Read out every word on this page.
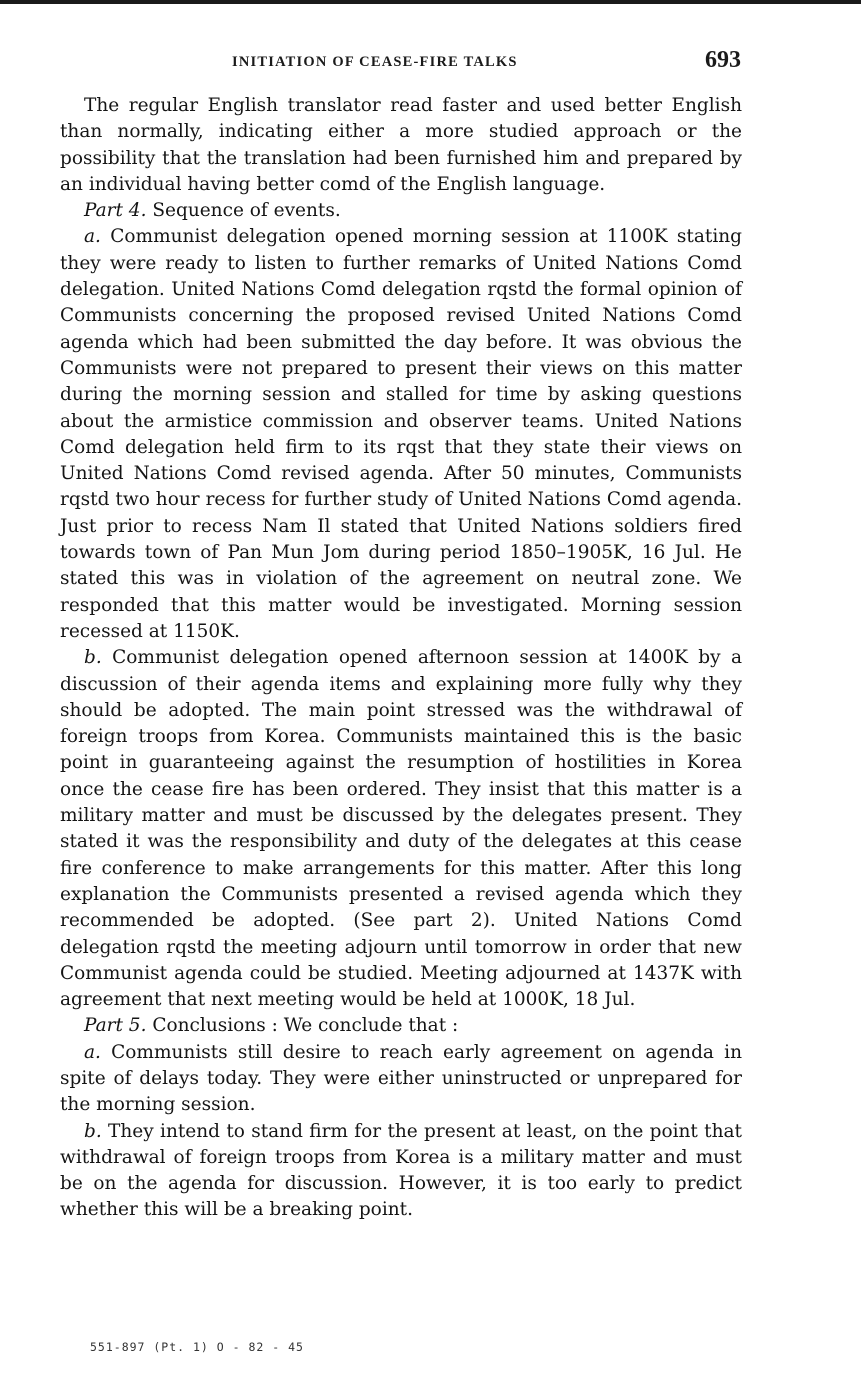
INITIATION OF CEASE-FIRE TALKS	693

The regular English translator read faster and used better English than normally, indicating either a more studied approach or the possibility that the translation had been furnished him and prepared by an individual having better comd of the English language.

Part 4. Sequence of events.

a. Communist delegation opened morning session at 1100K stating they were ready to listen to further remarks of United Nations Comd delegation. United Nations Comd delegation rqstd the formal opinion of Communists concerning the proposed revised United Nations Comd agenda which had been submitted the day before. It was obvious the Communists were not prepared to present their views on this matter during the morning session and stalled for time by asking questions about the armistice commission and observer teams. United Nations Comd delegation held firm to its rqst that they state their views on United Nations Comd revised agenda. After 50 minutes, Communists rqstd two hour recess for further study of United Nations Comd agenda. Just prior to recess Nam Il stated that United Nations soldiers fired towards town of Pan Mun Jom during period 1850–1905K, 16 Jul. He stated this was in violation of the agreement on neutral zone. We responded that this matter would be investigated. Morning session recessed at 1150K.

b. Communist delegation opened afternoon session at 1400K by a discussion of their agenda items and explaining more fully why they should be adopted. The main point stressed was the withdrawal of foreign troops from Korea. Communists maintained this is the basic point in guaranteeing against the resumption of hostilities in Korea once the cease fire has been ordered. They insist that this matter is a military matter and must be discussed by the delegates present. They stated it was the responsibility and duty of the delegates at this cease fire conference to make arrangements for this matter. After this long explanation the Communists presented a revised agenda which they recommended be adopted. (See part 2). United Nations Comd delegation rqstd the meeting adjourn until tomorrow in order that new Communist agenda could be studied. Meeting adjourned at 1437K with agreement that next meeting would be held at 1000K, 18 Jul.

Part 5. Conclusions : We conclude that :

a. Communists still desire to reach early agreement on agenda in spite of delays today. They were either uninstructed or unprepared for the morning session.

b. They intend to stand firm for the present at least, on the point that withdrawal of foreign troops from Korea is a military matter and must be on the agenda for discussion. However, it is too early to predict whether this will be a breaking point.

551-897 (Pt. 1) O - 82 - 45
